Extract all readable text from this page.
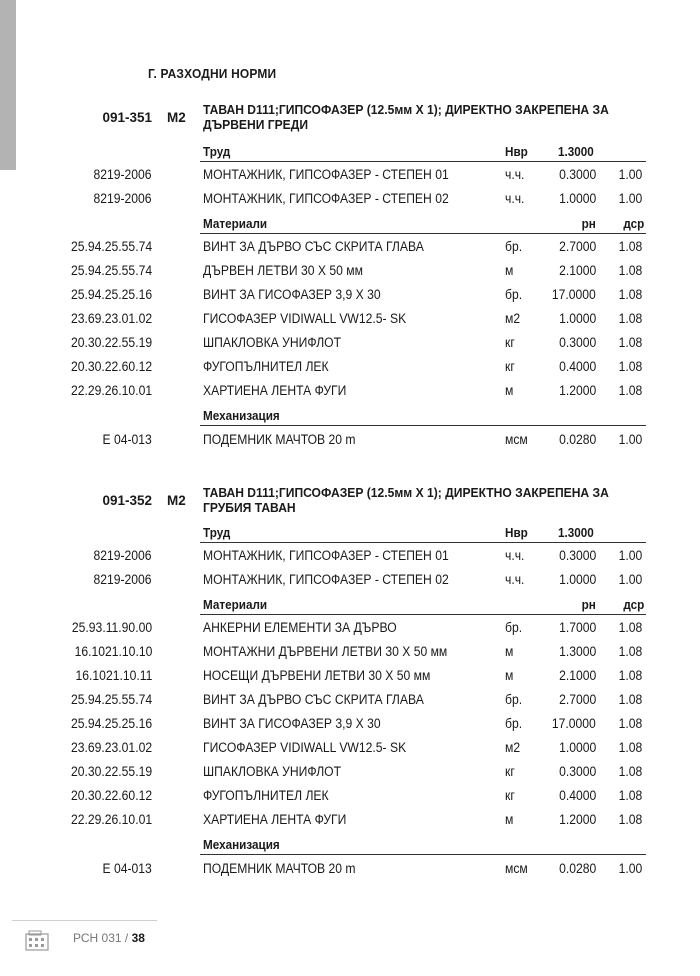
Г. РАЗХОДНИ НОРМИ
091-351 М2
ТАВАН D111;ГИПСОФАЗЕР (12.5мм Х 1); ДИРЕКТНО ЗАКРЕПЕНА ЗА ДЪРВЕНИ ГРЕДИ
Труд	Нвр 1.3000
8219-2006	МОНТАЖНИК, ГИПСОФАЗЕР - СТЕПЕН 01	ч.ч.	0.3000 1.00
8219-2006	МОНТАЖНИК, ГИПСОФАЗЕР - СТЕПЕН 02	ч.ч.	1.0000 1.00
Материали	рн дср
25.94.25.55.74	ВИНТ ЗА ДЪРВО СЪС СКРИТА ГЛАВА	бр.	2.7000 1.08
25.94.25.55.74	ДЪРВЕН ЛЕТВИ 30 Х 50 мм	м	2.1000 1.08
25.94.25.25.16	ВИНТ ЗА ГИСОФАЗЕР 3,9 Х 30	бр. 17.0000 1.08
23.69.23.01.02	ГИСОФАЗЕР VIDIWALL VW12.5- SK	м2	1.0000 1.08
20.30.22.55.19	ШПАКЛОВКА УНИФЛОТ	кг	0.3000 1.08
20.30.22.60.12	ФУГОПЪЛНИТЕЛ ЛЕК	кг	0.4000 1.08
22.29.26.10.01	ХАРТИЕНА ЛЕНТА ФУГИ	м	1.2000 1.08
Механизация
Е 04-013	ПОДЕМНИК МАЧТОВ 20 m	мсм 0.0280 1.00
091-352 М2
ТАВАН D111;ГИПСОФАЗЕР (12.5мм Х 1); ДИРЕКТНО ЗАКРЕПЕНА ЗА ГРУБИЯ ТАВАН
Труд	Нвр 1.3000
8219-2006	МОНТАЖНИК, ГИПСОФАЗЕР - СТЕПЕН 01	ч.ч.	0.3000 1.00
8219-2006	МОНТАЖНИК, ГИПСОФАЗЕР - СТЕПЕН 02	ч.ч.	1.0000 1.00
Материали	рн дср
25.93.11.90.00	АНКЕРНИ ЕЛЕМЕНТИ ЗА ДЪРВО	бр.	1.7000 1.08
16.1021.10.10	МОНТАЖНИ ДЪРВЕНИ ЛЕТВИ 30 Х 50 мм	м	1.3000 1.08
16.1021.10.11	НОСЕЩИ ДЪРВЕНИ ЛЕТВИ 30 Х 50 мм	м	2.1000 1.08
25.94.25.55.74	ВИНТ ЗА ДЪРВО СЪС СКРИТА ГЛАВА	бр.	2.7000 1.08
25.94.25.25.16	ВИНТ ЗА ГИСОФАЗЕР 3,9 Х 30	бр. 17.0000 1.08
23.69.23.01.02	ГИСОФАЗЕР VIDIWALL VW12.5- SK	м2	1.0000 1.08
20.30.22.55.19	ШПАКЛОВКА УНИФЛОТ	кг	0.3000 1.08
20.30.22.60.12	ФУГОПЪЛНИТЕЛ ЛЕК	кг	0.4000 1.08
22.29.26.10.01	ХАРТИЕНА ЛЕНТА ФУГИ	м	1.2000 1.08
Механизация
Е 04-013	ПОДЕМНИК МАЧТОВ 20 m	мсм 0.0280 1.00
РСН 031 / 38
